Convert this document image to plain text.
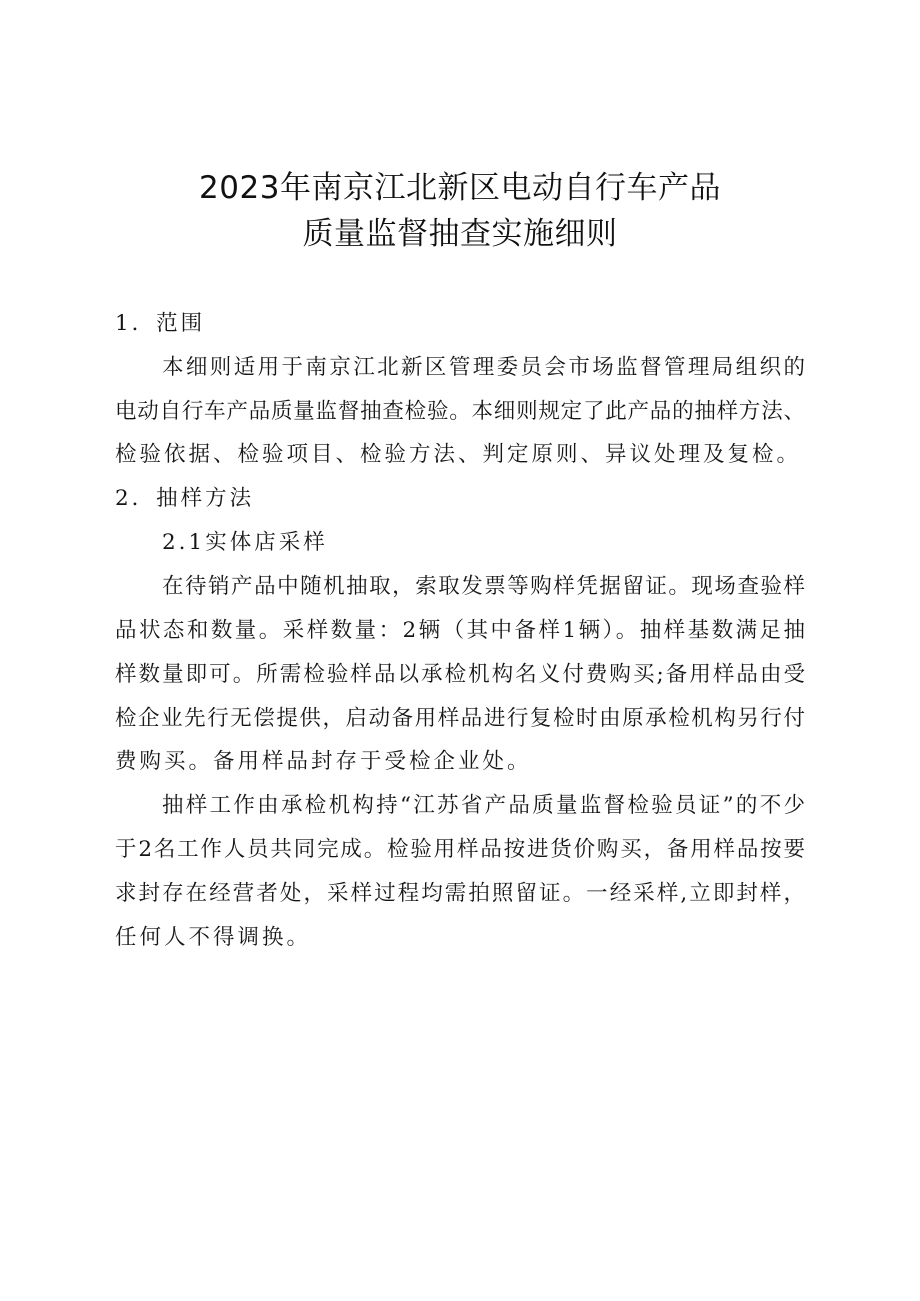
2023年南京江北新区电动自行车产品
质量监督抽查实施细则
1．范围
本细则适用于南京江北新区管理委员会市场监督管理局组织的
电动自行车产品质量监督抽查检验。本细则规定了此产品的抽样方法、
检验依据、检验项目、检验方法、判定原则、异议处理及复检。
2．抽样方法
2.1实体店采样
在待销产品中随机抽取，索取发票等购样凭据留证。现场查验样
品状态和数量。采样数量：2辆（其中备样1辆）。抽样基数满足抽
样数量即可。所需检验样品以承检机构名义付费购买;备用样品由受
检企业先行无偿提供，启动备用样品进行复检时由原承检机构另行付
费购买。备用样品封存于受检企业处。
抽样工作由承检机构持“江苏省产品质量监督检验员证”的不少
于2名工作人员共同完成。检验用样品按进货价购买，备用样品按要
求封存在经营者处，采样过程均需拍照留证。一经采样,立即封样，
任何人不得调换。
